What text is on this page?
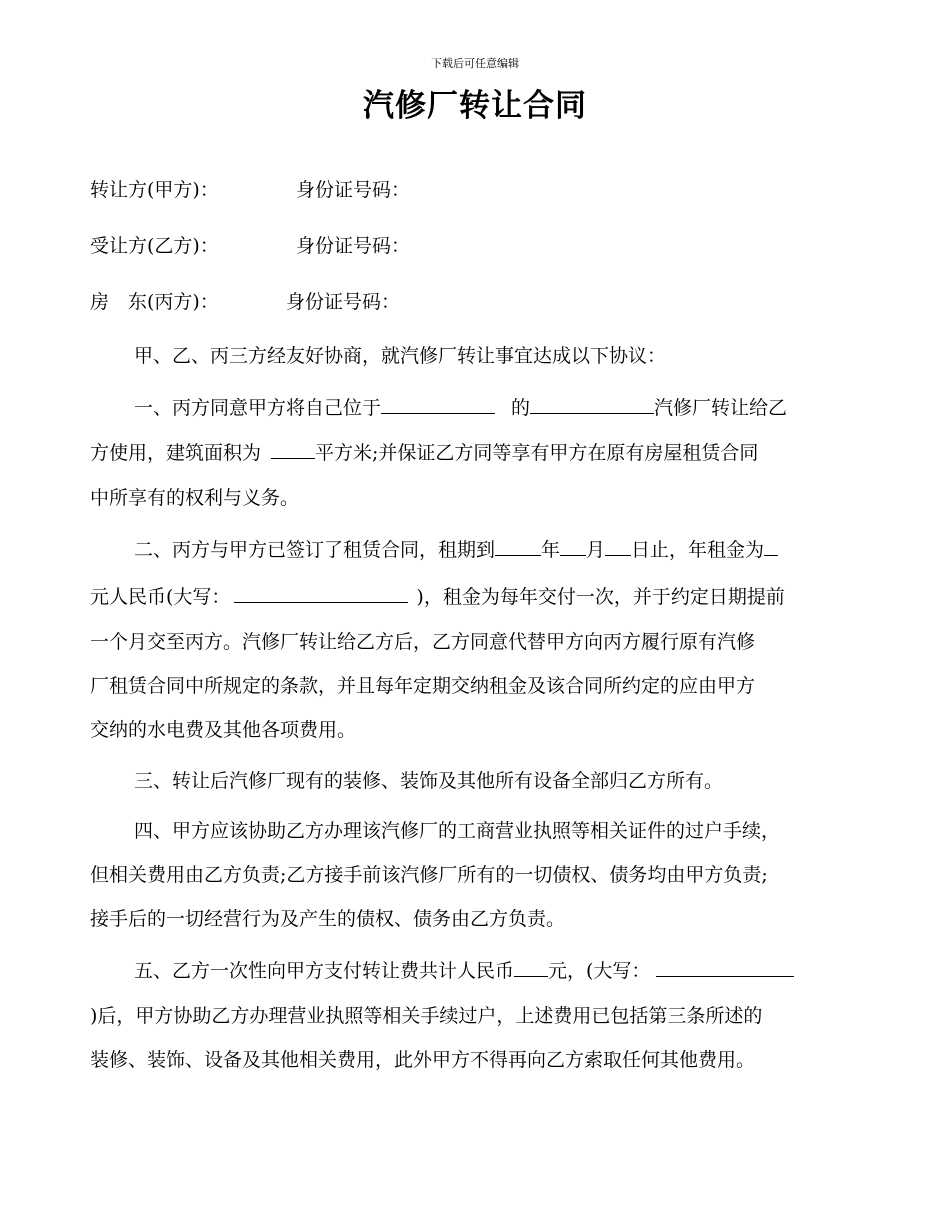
下载后可任意编辑
汽修厂转让合同
转让方(甲方)：	身份证号码：
受让方(乙方)：	身份证号码：
房　东(丙方)：	身份证号码：
甲、乙、丙三方经友好协商，就汽修厂转让事宜达成以下协议：
一、丙方同意甲方将自己位于	的	汽修厂转让给乙
方使用，建筑面积为	平方米;并保证乙方同等享有甲方在原有房屋租赁合同
中所享有的权利与义务。
二、丙方与甲方已签订了租赁合同，租期到 年 月 日止，年租金为
元人民币(大写：	)，租金为每年交付一次，并于约定日期提前
一个月交至丙方。汽修厂转让给乙方后，乙方同意代替甲方向丙方履行原有汽修
厂租赁合同中所规定的条款，并且每年定期交纳租金及该合同所约定的应由甲方
交纳的水电费及其他各项费用。
三、转让后汽修厂现有的装修、装饰及其他所有设备全部归乙方所有。
四、甲方应该协助乙方办理该汽修厂的工商营业执照等相关证件的过户手续，
但相关费用由乙方负责;乙方接手前该汽修厂所有的一切债权、债务均由甲方负责;
接手后的一切经营行为及产生的债权、债务由乙方负责。
五、乙方一次性向甲方支付转让费共计人民币 元，(大写：
)后，甲方协助乙方办理营业执照等相关手续过户，上述费用已包括第三条所述的
装修、装饰、设备及其他相关费用，此外甲方不得再向乙方索取任何其他费用。
